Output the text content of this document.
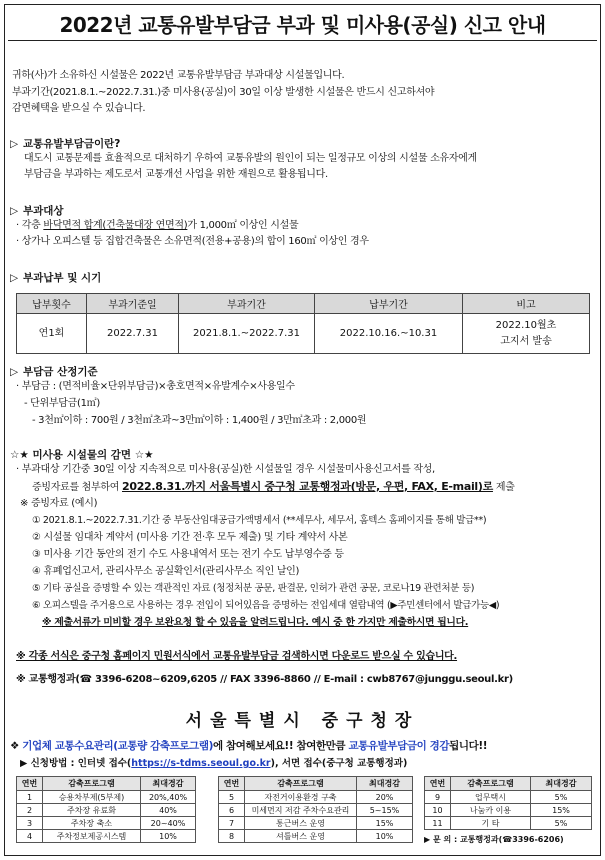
2022년 교통유발부담금 부과 및 미사용(공실) 신고 안내
귀하(사)가 소유하신 시설물은 2022년 교통유발부담금 부과대상 시설물입니다.
부과기간(2021.8.1.~2022.7.31.)중 미사용(공실)이 30일 이상 발생한 시설물은 반드시 신고하셔야
감면혜택을 받으실 수 있습니다.
▷ 교통유발부담금이란?
대도시 교통문제를 효율적으로 대처하기 우하여 교통유발의 원인이 되는 일정규모 이상의 시설물 소유자에게
부담금을 부과하는 제도로서 교통개선 사업을 위한 재원으로 활용됩니다.
▷ 부과대상
· 각층 바닥면적 합계(건축물대장 연면적)가 1,000㎡ 이상인 시설물
· 상가나 오피스텔 등 집합건축물은 소유면적(전용+공용)의 합이 160㎡ 이상인 경우
▷ 부과납부 및 시기
납부횟수	부과기준일	부과기간	납부기간	비고
연1회	2022.7.31	2021.8.1.~2022.7.31	2022.10.16.~10.31	2022.10월초
고지서 발송
▷ 부담금 산정기준
· 부담금 : (면적비율×단위부담금)×총호면적×유발계수×사용일수
- 단위부담금(1㎡)
- 3천㎡이하 : 700원 / 3천㎡초과~3만㎡이하 : 1,400원 / 3만㎡초과 : 2,000원
☆★ 미사용 시설물의 감면 ☆★
· 부과대상 기간중 30일 이상 지속적으로 미사용(공실)한 시설물일 경우 시설물미사용신고서를 작성,
증빙자료를 첨부하여 2022.8.31.까지 서울특별시 중구청 교통행정과(방문, 우편, FAX, E-mail)로 제출
※ 증빙자료 (예시)
① 2021.8.1.~2022.7.31.기간 중 부동산임대공급가액명세서 (**세무사, 세무서, 홈텍스 홈페이지를 통해 발급**)
② 시설물 임대차 계약서 (미사용 기간 전·후 모두 제출) 및 기타 계약서 사본
③ 미사용 기간 동안의 전기 수도 사용내역서 또는 전기 수도 납부영수증 등
④ 휴폐업신고서, 관리사무소 공실확인서(관리사무소 직인 날인)
⑤ 기타 공실을 증명할 수 있는 객관적인 자료 (청정처분 공문, 판결문, 인허가 관련 공문, 코로나19 관련처분 등)
⑥ 오피스텔을 주거용으로 사용하는 경우 전입이 되어있음을 증명하는 전입세대 열람내역 (▶주민센터에서 발급가능◀)
※ 제출서류가 미비할 경우 보완요청 할 수 있음을 알려드립니다. 예시 중 한 가지만 제출하시면 됩니다.
※ 각종 서식은 중구청 홈페이지 민원서식에서 교통유발부담금 검색하시면 다운로드 받으실 수 있습니다.
※ 교통행정과(☎ 3396-6208~6209,6205 // FAX 3396-8860 // E-mail : cwb8767@junggu.seoul.kr)
서울특별시 중구청장
❖ 기업체 교통수요관리(교통량 감축프로그램)에 참여해보세요!! 참여한만큼 교통유발부담금이 경감됩니다!!
▶ 신청방법 : 인터넷 접수(https://s-tdms.seoul.go.kr), 서면 접수(중구청 교통행정과)
연번	감축프로그램	최대경감
1	승용차부제(5부제)	20%,40%
2	주차장 유료화	40%
3	주차장 축소	20~40%
4	주차정보제공시스템	10%
연번	감축프로그램	최대경감
5	자전거이용환경 구축	20%
6	미세먼지 저감 주차수요관리	5~15%
7	통근버스 운영	15%
8	셔틀버스 운영	10%
연번	감축프로그램	최대경감
9	업무택시	5%
10	나눔카 이용	15%
11	기 타	5%
▶ 문 의 : 교통행정과(☎3396-6206)
